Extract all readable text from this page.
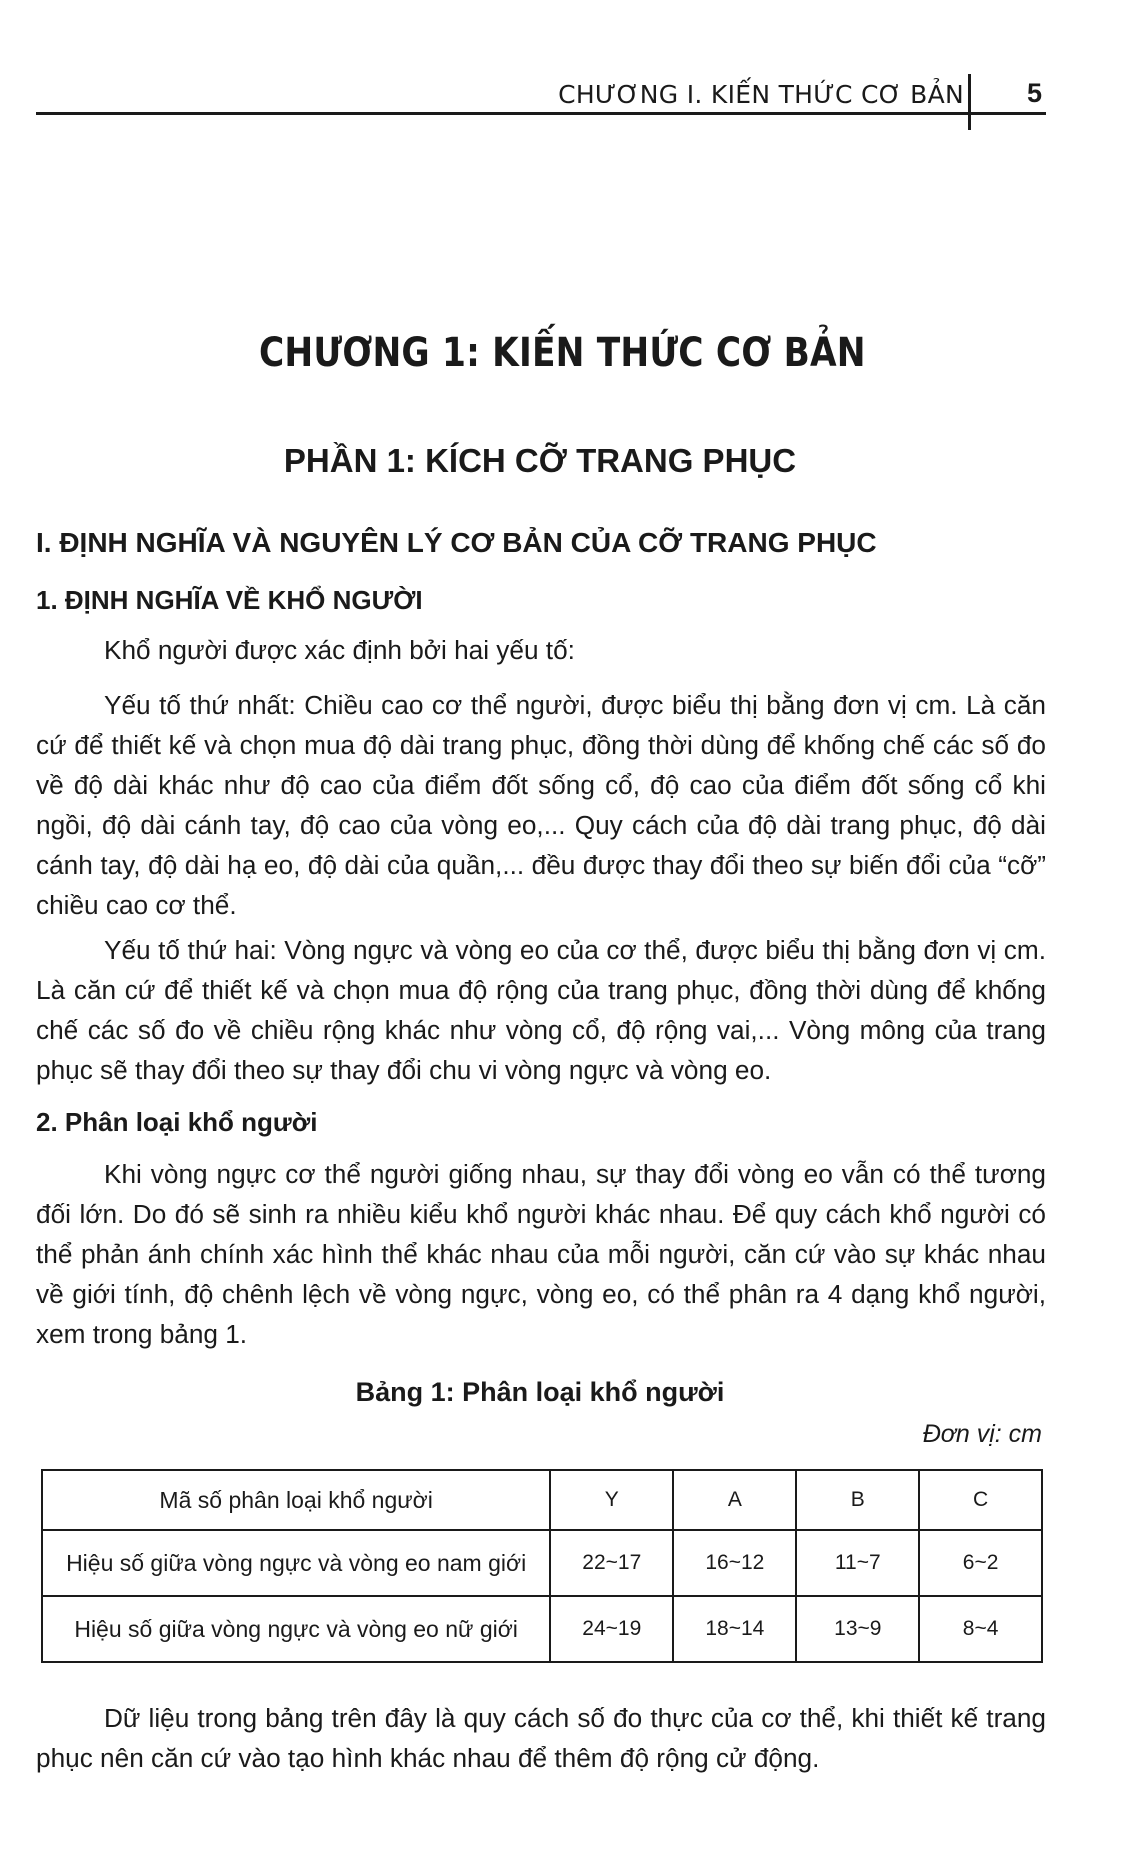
CHƯƠNG I. KIẾN THỨC CƠ BẢN 5
CHƯƠNG 1: KIẾN THỨC CƠ BẢN
PHẦN 1: KÍCH CỠ TRANG PHỤC
I. ĐỊNH NGHĨA VÀ NGUYÊN LÝ CƠ BẢN CỦA CỠ TRANG PHỤC
1. ĐỊNH NGHĨA VỀ KHỔ NGƯỜI

Khổ người được xác định bởi hai yếu tố:

Yếu tố thứ nhất: Chiều cao cơ thể người, được biểu thị bằng đơn vị cm. Là căn cứ để thiết kế và chọn mua độ dài trang phục, đồng thời dùng để khống chế các số đo về độ dài khác như độ cao của điểm đốt sống cổ, độ cao của điểm đốt sống cổ khi ngồi, độ dài cánh tay, độ cao của vòng eo,... Quy cách của độ dài trang phục, độ dài cánh tay, độ dài hạ eo, độ dài của quần,... đều được thay đổi theo sự biến đổi của “cỡ” chiều cao cơ thể.

Yếu tố thứ hai: Vòng ngực và vòng eo của cơ thể, được biểu thị bằng đơn vị cm. Là căn cứ để thiết kế và chọn mua độ rộng của trang phục, đồng thời dùng để khống chế các số đo về chiều rộng khác như vòng cổ, độ rộng vai,... Vòng mông của trang phục sẽ thay đổi theo sự thay đổi chu vi vòng ngực và vòng eo.

2. Phân loại khổ người

Khi vòng ngực cơ thể người giống nhau, sự thay đổi vòng eo vẫn có thể tương đối lớn. Do đó sẽ sinh ra nhiều kiểu khổ người khác nhau. Để quy cách khổ người có thể phản ánh chính xác hình thể khác nhau của mỗi người, căn cứ vào sự khác nhau về giới tính, độ chênh lệch về vòng ngực, vòng eo, có thể phân ra 4 dạng khổ người, xem trong bảng 1.

Bảng 1: Phân loại khổ người
Đơn vị: cm
Mã số phân loại khổ người	Y	A	B	C
Hiệu số giữa vòng ngực và vòng eo nam giới	22~17	16~12	11~7	6~2
Hiệu số giữa vòng ngực và vòng eo nữ giới	24~19	18~14	13~9	8~4

Dữ liệu trong bảng trên đây là quy cách số đo thực của cơ thể, khi thiết kế trang phục nên căn cứ vào tạo hình khác nhau để thêm độ rộng cử động.
